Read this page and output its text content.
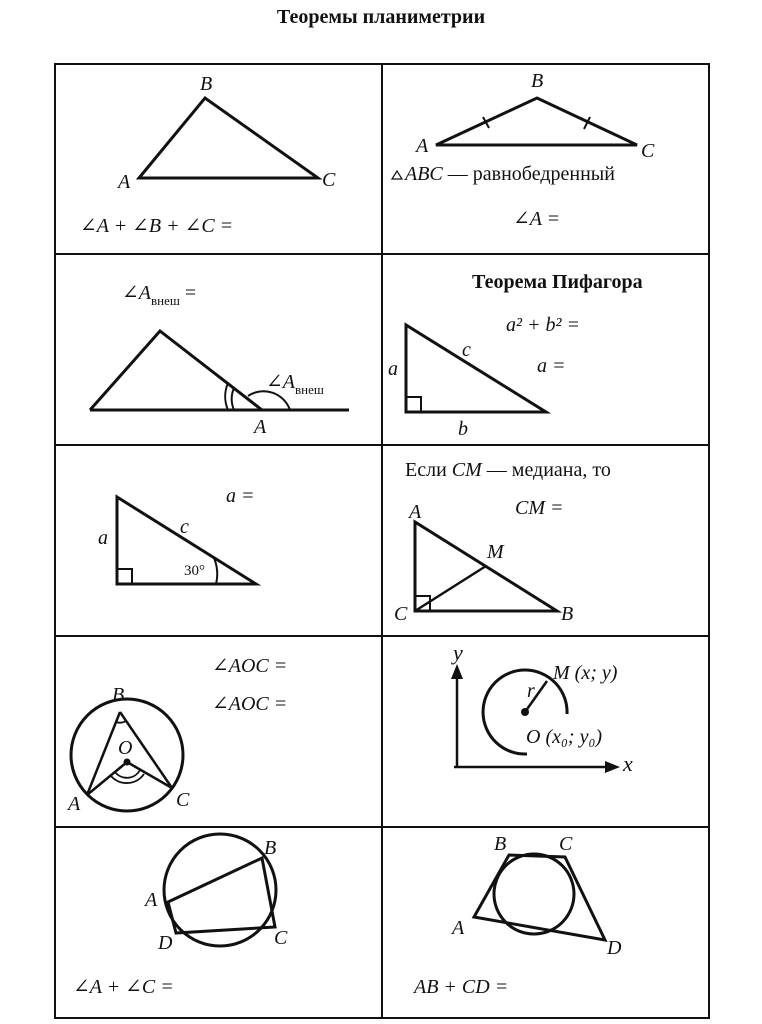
Теоремы планиметрии
B
A	C
∠A + ∠B + ∠C =
B
A	C
ABC — равнобедренный
∠A =
$\angle A_{внеш}$ =
$\angle A_{внеш}$
A
Теорема Пифагора
a² + b² =
a =
a
b
c
a =
a	c
30°
Если CM — медиана, то
CM =
A
M
C	B
∠AOC =
∠AOC =
B
O
A	C
y
x
r
M (x; y)
O (x₀; y₀)
A
B
C
D
∠A + ∠C =
B	C
A
D
AB + CD =
